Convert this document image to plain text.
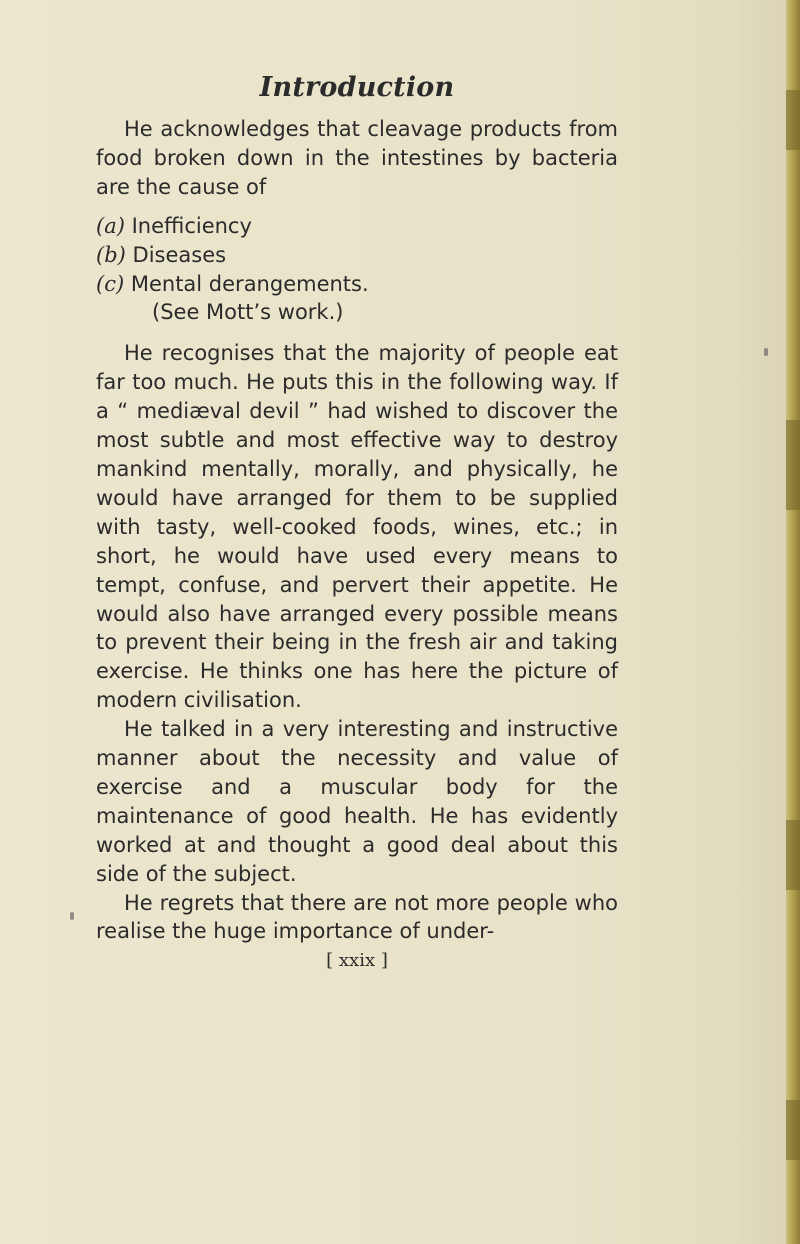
Introduction

He acknowledges that cleavage products from food broken down in the intestines by bacteria are the cause of

(a) Inefficiency
(b) Diseases
(c) Mental derangements.
(See Mott’s work.)

He recognises that the majority of people eat far too much. He puts this in the following way. If a “ mediæval devil ” had wished to discover the most subtle and most effective way to destroy mankind mentally, morally, and physically, he would have arranged for them to be supplied with tasty, well-cooked foods, wines, etc.; in short, he would have used every means to tempt, confuse, and pervert their appetite. He would also have arranged every possible means to prevent their being in the fresh air and taking exercise. He thinks one has here the picture of modern civilisation.

He talked in a very interesting and instructive manner about the necessity and value of exercise and a muscular body for the maintenance of good health. He has evidently worked at and thought a good deal about this side of the subject.

He regrets that there are not more people who realise the huge importance of under-

[ xxix ]
